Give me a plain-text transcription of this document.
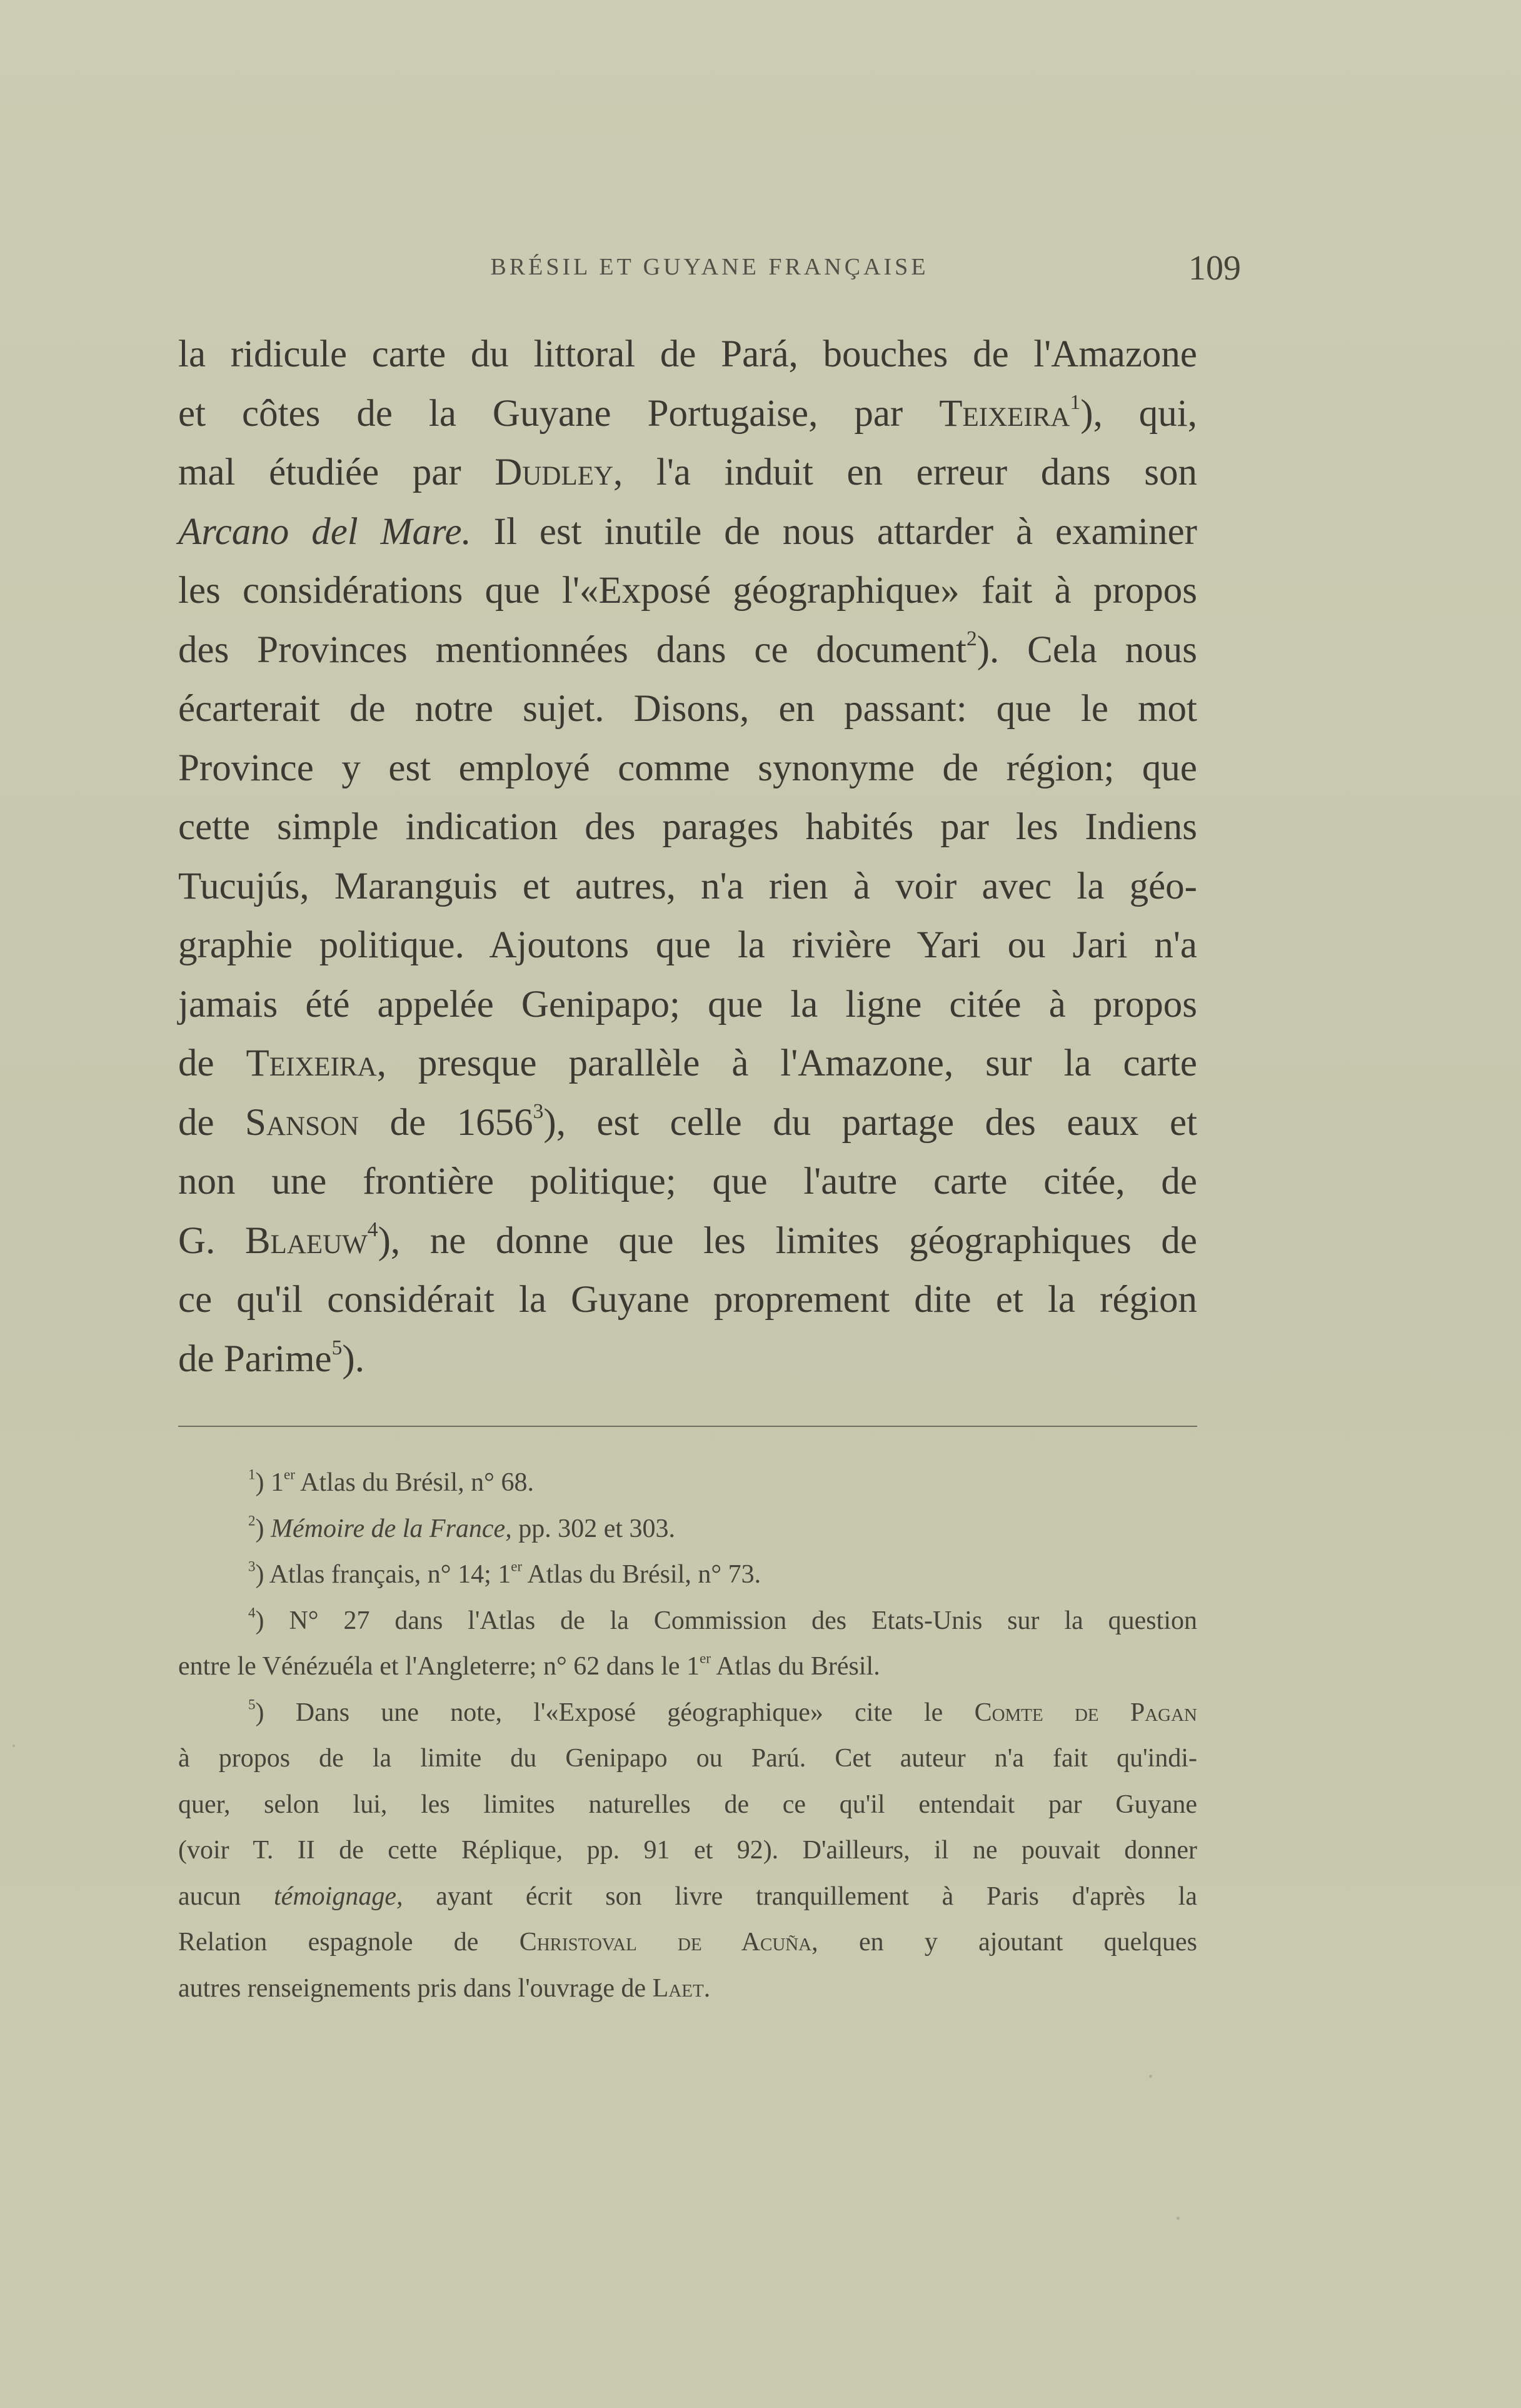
BRÉSIL ET GUYANE FRANÇAISE	109
la ridicule carte du littoral de Pará, bouches de l'Amazone
et côtes de la Guyane Portugaise, par Teixeira$^1$), qui,
mal étudiée par Dudley, l'a induit en erreur dans son
Arcano del Mare. Il est inutile de nous attarder à examiner
les considérations que l'«Exposé géographique» fait à propos
des Provinces mentionnées dans ce document$^2$). Cela nous
écarterait de notre sujet. Disons, en passant: que le mot
Province y est employé comme synonyme de région; que
cette simple indication des parages habités par les Indiens
Tucujús, Maranguis et autres, n'a rien à voir avec la géo-
graphie politique. Ajoutons que la rivière Yari ou Jari n'a
jamais été appelée Genipapo; que la ligne citée à propos
de Teixeira, presque parallèle à l'Amazone, sur la carte
de Sanson de 1656$^3$), est celle du partage des eaux et
non une frontière politique; que l'autre carte citée, de
G. Blaeuw$^4$), ne donne que les limites géographiques de
ce qu'il considérait la Guyane proprement dite et la région
de Parime$^5$).
$^1$) 1er Atlas du Brésil, n° 68.
$^2$) Mémoire de la France, pp. 302 et 303.
$^3$) Atlas français, n° 14; 1er Atlas du Brésil, n° 73.
$^4$) N° 27 dans l'Atlas de la Commission des Etats-Unis sur la question
entre le Vénézuéla et l'Angleterre; n° 62 dans le 1er Atlas du Brésil.
$^5$) Dans une note, l'«Exposé géographique» cite le Comte de Pagan
à propos de la limite du Genipapo ou Parú. Cet auteur n'a fait qu'indi-
quer, selon lui, les limites naturelles de ce qu'il entendait par Guyane
(voir T. II de cette Réplique, pp. 91 et 92). D'ailleurs, il ne pouvait donner
aucun témoignage, ayant écrit son livre tranquillement à Paris d'après la
Relation espagnole de Christoval de Acuña, en y ajoutant quelques
autres renseignements pris dans l'ouvrage de Laet.
